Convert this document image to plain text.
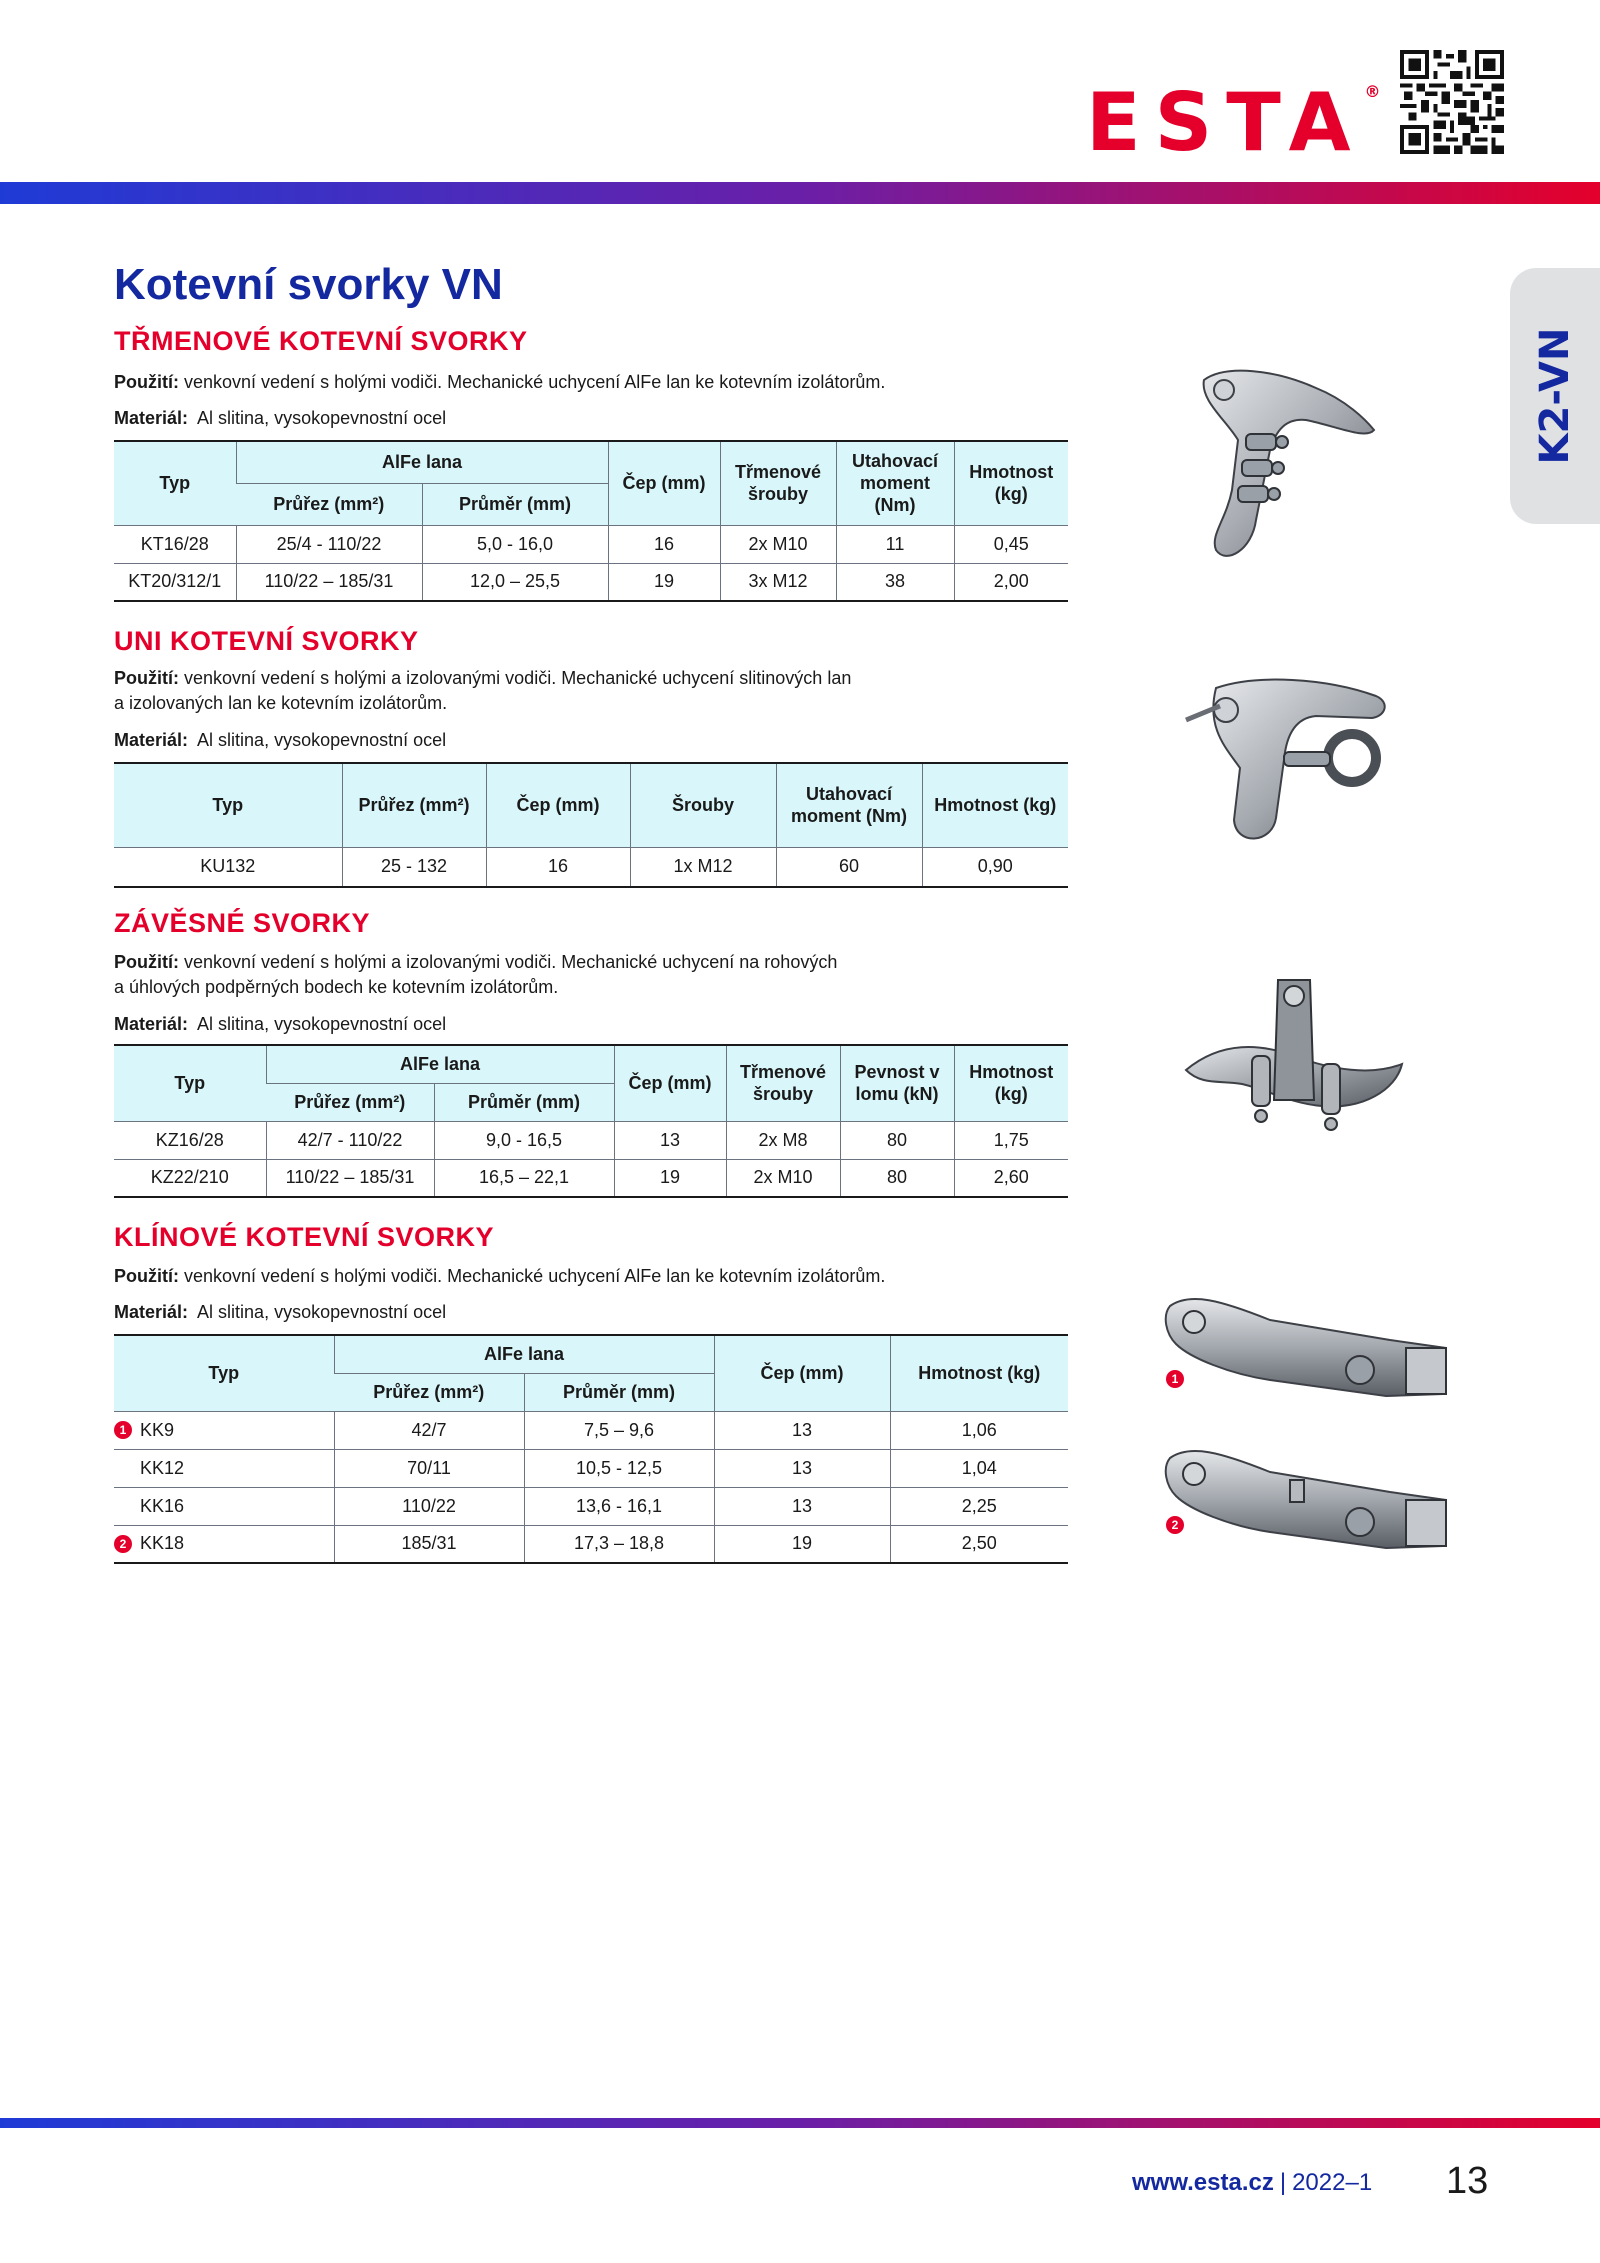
ESTA®
K2-VN
Kotevní svorky VN
TŘMENOVÉ KOTEVNÍ SVORKY
Použití: venkovní vedení s holými vodiči. Mechanické uchycení AlFe lan ke kotevním izolátorům.
Materiál: Al slitina, vysokopevnostní ocel
Typ	AlFe lana		Čep (mm)	Třmenové šrouby	Utahovací moment (Nm)	Hmotnost (kg)
	Průřez (mm²)	Průměr (mm)				
KT16/28	25/4 - 110/22	5,0 - 16,0	16	2x M10	11	0,45
KT20/312/1	110/22 – 185/31	12,0 – 25,5	19	3x M12	38	2,00
UNI KOTEVNÍ SVORKY
Použití: venkovní vedení s holými a izolovanými vodiči. Mechanické uchycení slitinových lan
a izolovaných lan ke kotevním izolátorům.
Materiál: Al slitina, vysokopevnostní ocel
Typ	Průřez (mm²)	Čep (mm)	Šrouby	Utahovací moment (Nm)	Hmotnost (kg)
KU132	25 - 132	16	1x M12	60	0,90
ZÁVĚSNÉ SVORKY
Použití: venkovní vedení s holými a izolovanými vodiči. Mechanické uchycení na rohových
a úhlových podpěrných bodech ke kotevním izolátorům.
Materiál: Al slitina, vysokopevnostní ocel
Typ	AlFe lana		Čep (mm)	Třmenové šrouby	Pevnost v lomu (kN)	Hmotnost (kg)
	Průřez (mm²)	Průměr (mm)				
KZ16/28	42/7 - 110/22	9,0 - 16,5	13	2x M8	80	1,75
KZ22/210	110/22 – 185/31	16,5 – 22,1	19	2x M10	80	2,60
KLÍNOVÉ KOTEVNÍ SVORKY
Použití: venkovní vedení s holými vodiči. Mechanické uchycení AlFe lan ke kotevním izolátorům.
Materiál: Al slitina, vysokopevnostní ocel
Typ	AlFe lana		Čep (mm)	Hmotnost (kg)
	Průřez (mm²)	Průměr (mm)		

1 KK9	42/7	7,5 – 9,6	13	1,06
KK12	70/11	10,5 - 12,5	13	1,04
KK16	110/22	13,6 - 16,1	13	2,25

2 KK18	185/31	17,3 – 18,8	19	2,50
1
2
www.esta.cz | 2022–1 13
